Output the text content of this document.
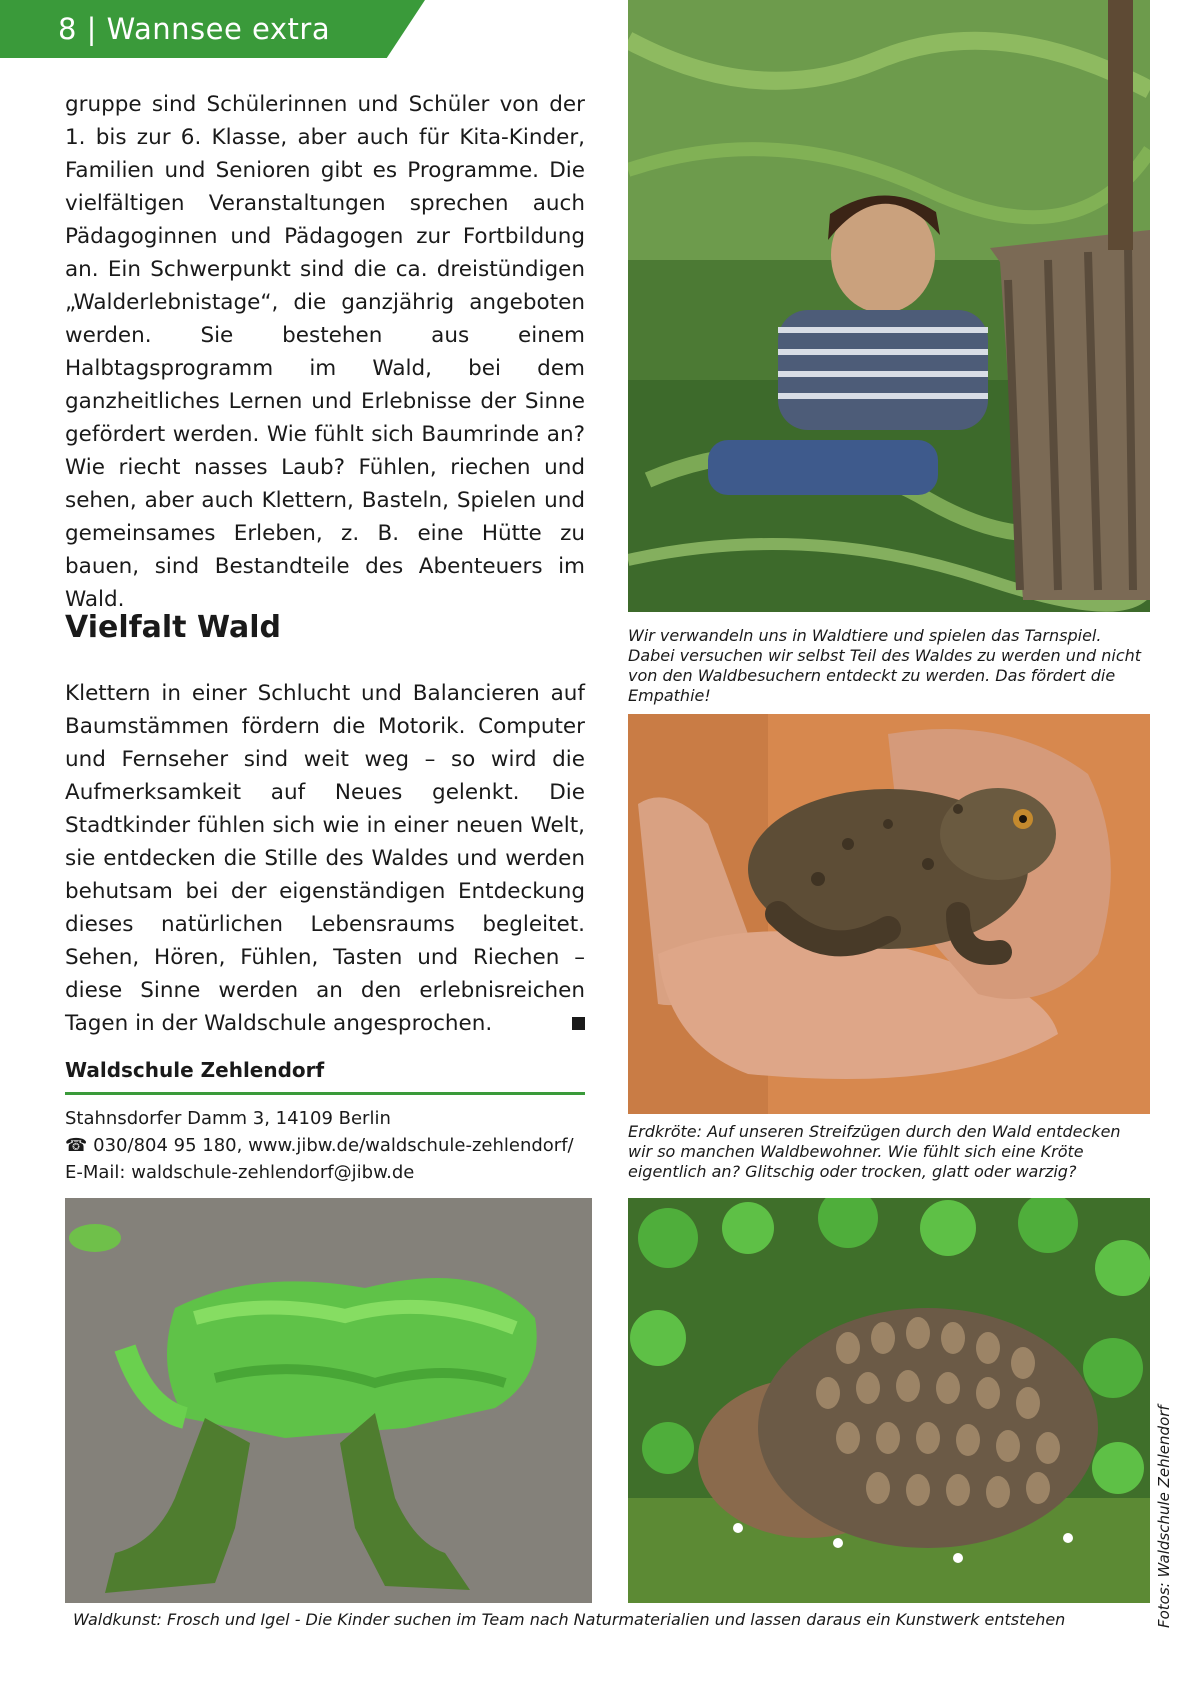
8 | Wannsee extra

gruppe sind Schülerinnen und Schüler von der 1. bis zur 6. Klasse, aber auch für Kita-Kinder, Familien und Senioren gibt es Programme. Die vielfältigen Veranstaltungen sprechen auch Pädagoginnen und Pädagogen zur Fortbildung an. Ein Schwerpunkt sind die ca. dreistündigen „Walderlebnistage“, die ganzjährig angeboten werden. Sie bestehen aus einem Halbtagsprogramm im Wald, bei dem ganzheitliches Lernen und Erlebnisse der Sinne gefördert werden. Wie fühlt sich Baumrinde an? Wie riecht nasses Laub? Fühlen, riechen und sehen, aber auch Klettern, Basteln, Spielen und gemeinsames Erleben, z. B. eine Hütte zu bauen, sind Bestandteile des Abenteuers im Wald.

Vielfalt Wald

Klettern in einer Schlucht und Balancieren auf Baumstämmen fördern die Motorik. Computer und Fernseher sind weit weg – so wird die Aufmerksamkeit auf Neues gelenkt. Die Stadtkinder fühlen sich wie in einer neuen Welt, sie entdecken die Stille des Waldes und werden behutsam bei der eigenständigen Entdeckung dieses natürlichen Lebensraums begleitet. Sehen, Hören, Fühlen, Tasten und Riechen – diese Sinne werden an den erlebnisreichen Tagen in der Waldschule angesprochen.

Waldschule Zehlendorf
Stahnsdorfer Damm 3, 14109 Berlin
☎ 030/804 95 180, www.jibw.de/waldschule-zehlendorf/
E-Mail: waldschule-zehlendorf@jibw.de

Wir verwandeln uns in Waldtiere und spielen das Tarnspiel. Dabei versuchen wir selbst Teil des Waldes zu werden und nicht von den Waldbesuchern entdeckt zu werden. Das fördert die Empathie!

Erdkröte: Auf unseren Streifzügen durch den Wald entdecken wir so manchen Waldbewohner. Wie fühlt sich eine Kröte eigentlich an? Glitschig oder trocken, glatt oder warzig?

Waldkunst: Frosch und Igel - Die Kinder suchen im Team nach Naturmaterialien und lassen daraus ein Kunstwerk entstehen	Fotos: Waldschule Zehlendorf
